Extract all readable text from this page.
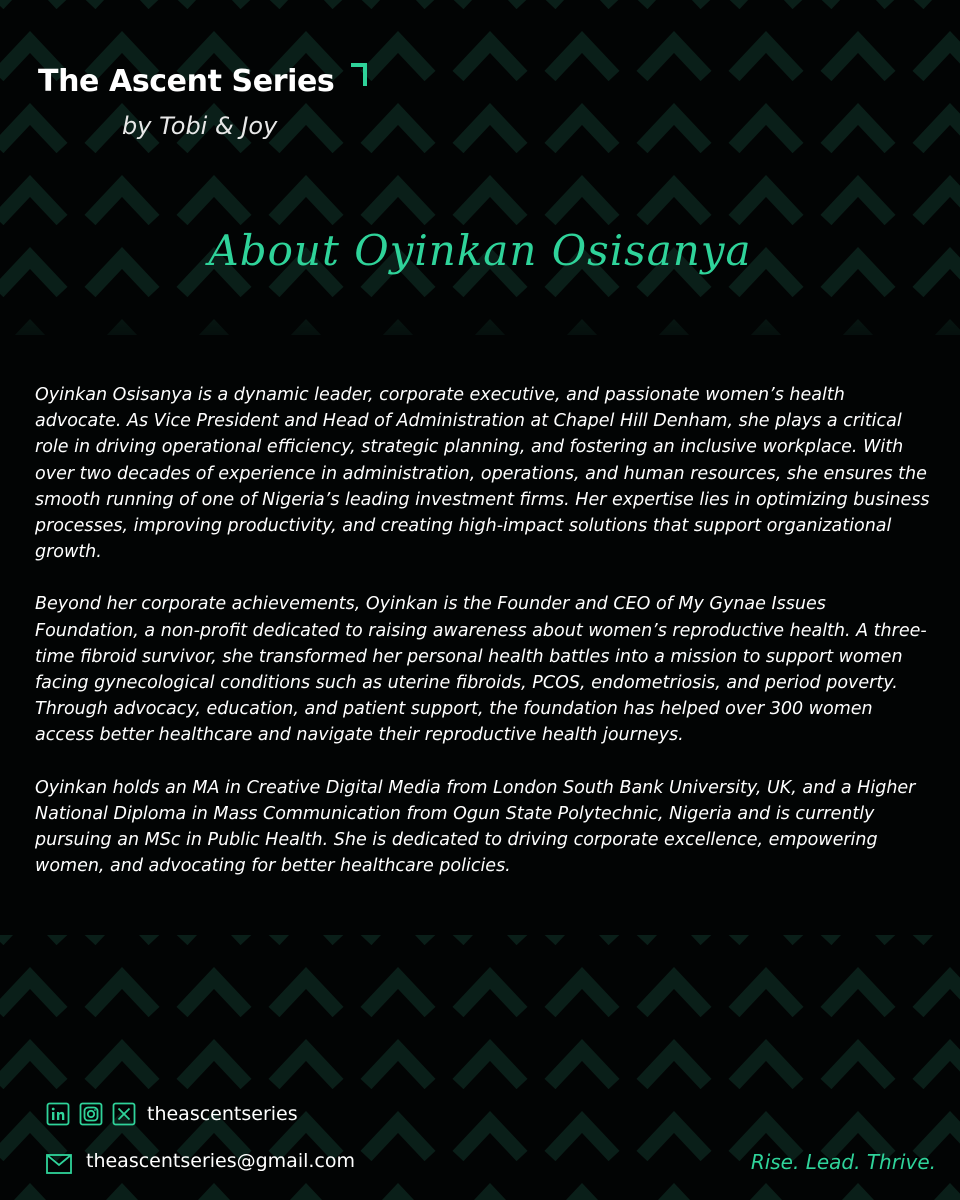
The Ascent Series
by Tobi & Joy
About Oyinkan Osisanya

Oyinkan Osisanya is a dynamic leader, corporate executive, and passionate women’s health advocate. As Vice President and Head of Administration at Chapel Hill Denham, she plays a critical role in driving operational efficiency, strategic planning, and fostering an inclusive workplace. With over two decades of experience in administration, operations, and human resources, she ensures the smooth running of one of Nigeria’s leading investment firms. Her expertise lies in optimizing business processes, improving productivity, and creating high-impact solutions that support organizational growth.

Beyond her corporate achievements, Oyinkan is the Founder and CEO of My Gynae Issues Foundation, a non-profit dedicated to raising awareness about women’s reproductive health. A three-time fibroid survivor, she transformed her personal health battles into a mission to support women facing gynecological conditions such as uterine fibroids, PCOS, endometriosis, and period poverty. Through advocacy, education, and patient support, the foundation has helped over 300 women access better healthcare and navigate their reproductive health journeys.

Oyinkan holds an MA in Creative Digital Media from London South Bank University, UK, and a Higher National Diploma in Mass Communication from Ogun State Polytechnic, Nigeria and is currently pursuing an MSc in Public Health. She is dedicated to driving corporate excellence, empowering women, and advocating for better healthcare policies.

theascentseries
theascentseries@gmail.com	Rise. Lead. Thrive.
